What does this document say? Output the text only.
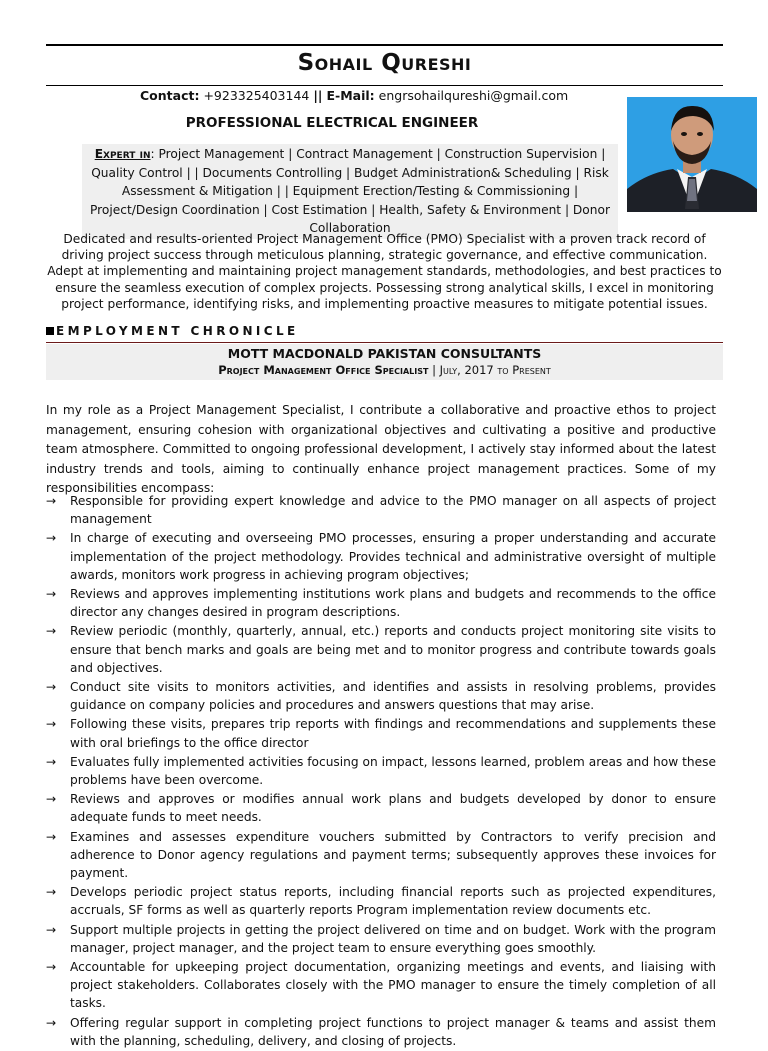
Sohail Qureshi
Contact: +923325403144 || E-Mail: engrsohailqureshi@gmail.com
PROFESSIONAL ELECTRICAL ENGINEER
Expert in: Project Management | Contract Management | Construction Supervision | Quality Control | | Documents Controlling | Budget Administration& Scheduling | Risk Assessment & Mitigation | | Equipment Erection/Testing & Commissioning | Project/Design Coordination | Cost Estimation | Health, Safety & Environment | Donor Collaboration
Dedicated and results-oriented Project Management Office (PMO) Specialist with a proven track record of driving project success through meticulous planning, strategic governance, and effective communication. Adept at implementing and maintaining project management standards, methodologies, and best practices to ensure the seamless execution of complex projects. Possessing strong analytical skills, I excel in monitoring project performance, identifying risks, and implementing proactive measures to mitigate potential issues.
EMPLOYMENT CHRONICLE
MOTT MACDONALD PAKISTAN CONSULTANTS
Project Management Office Specialist | July, 2017 to Present
In my role as a Project Management Specialist, I contribute a collaborative and proactive ethos to project management, ensuring cohesion with organizational objectives and cultivating a positive and productive team atmosphere. Committed to ongoing professional development, I actively stay informed about the latest industry trends and tools, aiming to continually enhance project management practices. Some of my responsibilities encompass:
→	Responsible for providing expert knowledge and advice to the PMO manager on all aspects of project management
→	In charge of executing and overseeing PMO processes, ensuring a proper understanding and accurate implementation of the project methodology. Provides technical and administrative oversight of multiple awards, monitors work progress in achieving program objectives;
→	Reviews and approves implementing institutions work plans and budgets and recommends to the office director any changes desired in program descriptions.
→	Review periodic (monthly, quarterly, annual, etc.) reports and conducts project monitoring site visits to ensure that bench marks and goals are being met and to monitor progress and contribute towards goals and objectives.
→	Conduct site visits to monitors activities, and identifies and assists in resolving problems, provides guidance on company policies and procedures and answers questions that may arise.
→	Following these visits, prepares trip reports with findings and recommendations and supplements these with oral briefings to the office director
→	Evaluates fully implemented activities focusing on impact, lessons learned, problem areas and how these problems have been overcome.
→	Reviews and approves or modifies annual work plans and budgets developed by donor to ensure adequate funds to meet needs.
→	Examines and assesses expenditure vouchers submitted by Contractors to verify precision and adherence to Donor agency regulations and payment terms; subsequently approves these invoices for payment.
→	Develops periodic project status reports, including financial reports such as projected expenditures, accruals, SF forms as well as quarterly reports Program implementation review documents etc.
→	Support multiple projects in getting the project delivered on time and on budget. Work with the program manager, project manager, and the project team to ensure everything goes smoothly.
→	Accountable for upkeeping project documentation, organizing meetings and events, and liaising with project stakeholders. Collaborates closely with the PMO manager to ensure the timely completion of all tasks.
→	Offering regular support in completing project functions to project manager & teams and assist them with the planning, scheduling, delivery, and closing of projects.
